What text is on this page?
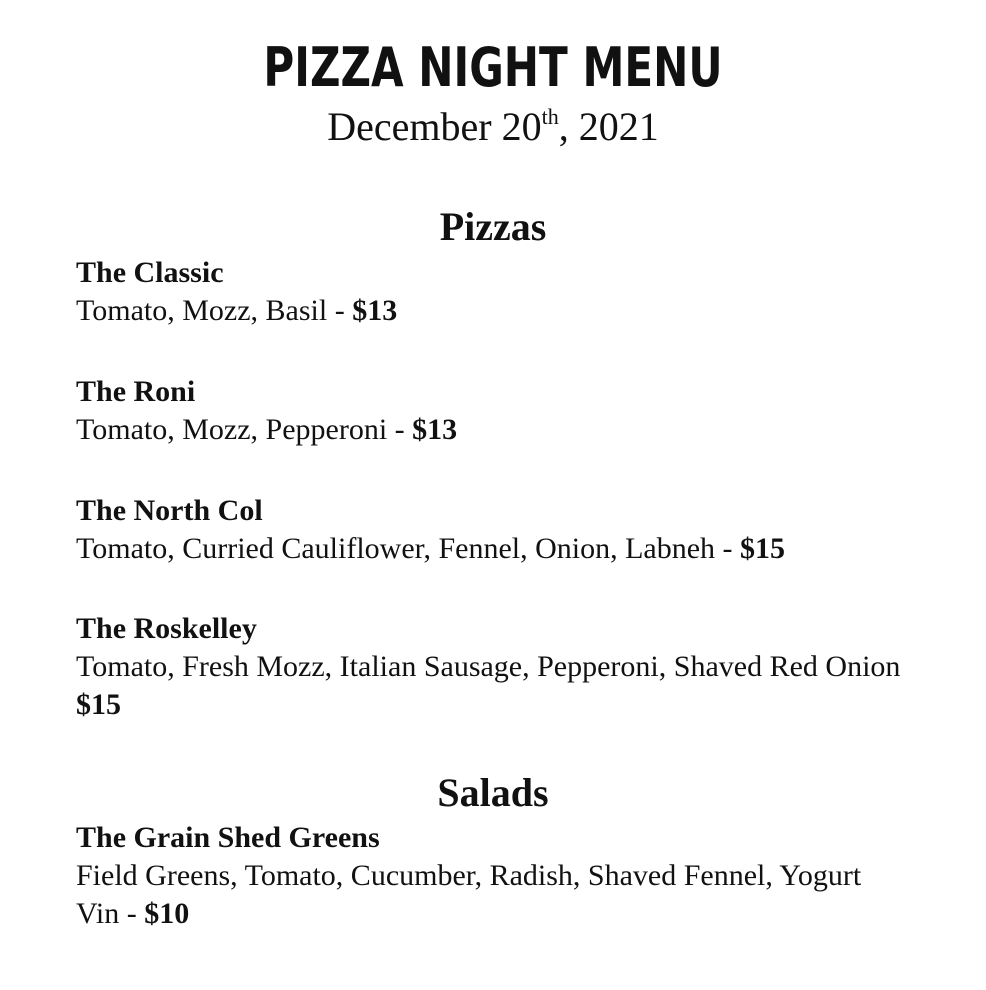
PIZZA NIGHT MENU
December 20th, 2021
Pizzas
The Classic
Tomato, Mozz, Basil - $13
The Roni
Tomato, Mozz, Pepperoni - $13
The North Col
Tomato, Curried Cauliflower, Fennel, Onion, Labneh - $15
The Roskelley
Tomato, Fresh Mozz, Italian Sausage, Pepperoni, Shaved Red Onion $15
Salads
The Grain Shed Greens
Field Greens, Tomato, Cucumber, Radish, Shaved Fennel, Yogurt Vin - $10
